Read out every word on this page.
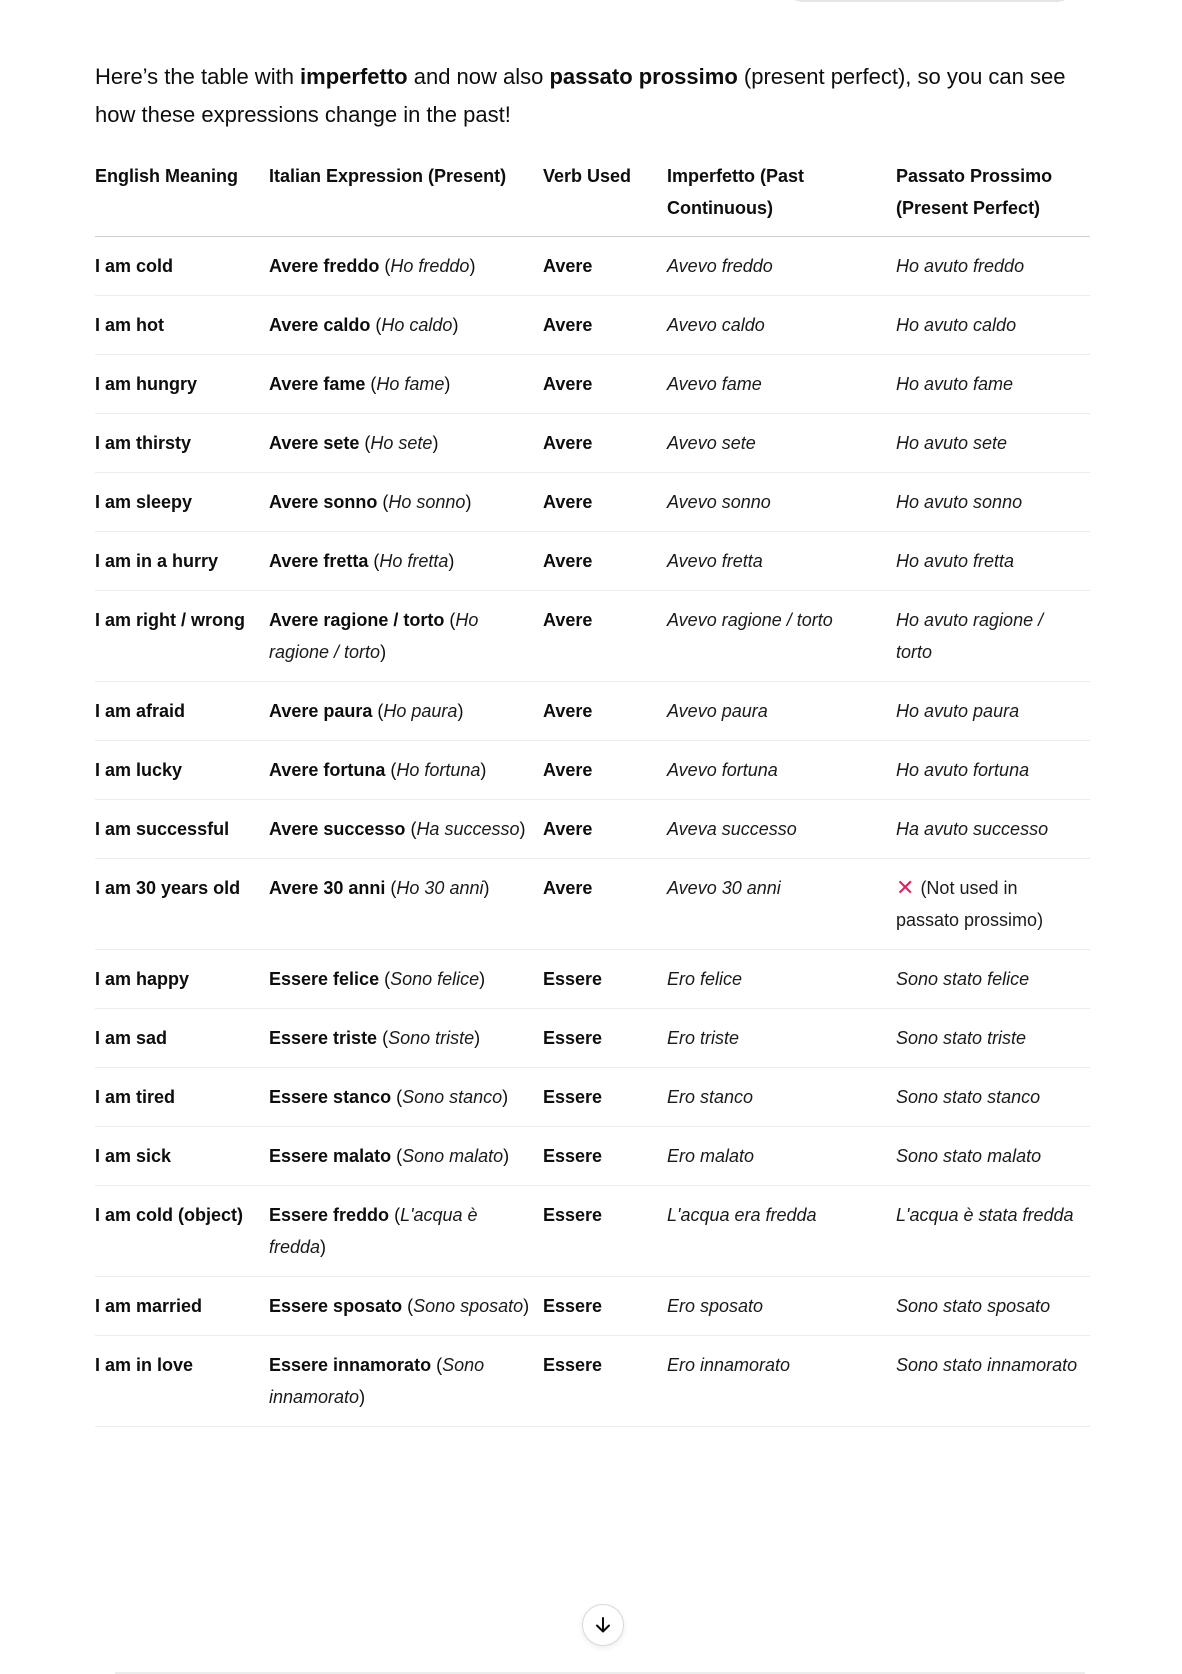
Here’s the table with imperfetto and now also passato prossimo (present perfect), so you can see how these expressions change in the past!

English Meaning	Italian Expression (Present)	Verb Used	Imperfetto (Past Continuous)	Passato Prossimo (Present Perfect)
I am cold	Avere freddo (Ho freddo)	Avere	Avevo freddo	Ho avuto freddo
I am hot	Avere caldo (Ho caldo)	Avere	Avevo caldo	Ho avuto caldo
I am hungry	Avere fame (Ho fame)	Avere	Avevo fame	Ho avuto fame
I am thirsty	Avere sete (Ho sete)	Avere	Avevo sete	Ho avuto sete
I am sleepy	Avere sonno (Ho sonno)	Avere	Avevo sonno	Ho avuto sonno
I am in a hurry	Avere fretta (Ho fretta)	Avere	Avevo fretta	Ho avuto fretta
I am right / wrong	Avere ragione / torto (Ho ragione / torto)	Avere	Avevo ragione / torto	Ho avuto ragione / torto
I am afraid	Avere paura (Ho paura)	Avere	Avevo paura	Ho avuto paura
I am lucky	Avere fortuna (Ho fortuna)	Avere	Avevo fortuna	Ho avuto fortuna
I am successful	Avere successo (Ha successo)	Avere	Aveva successo	Ha avuto successo
I am 30 years old	Avere 30 anni (Ho 30 anni)	Avere	Avevo 30 anni	✕ (Not used in passato prossimo)
I am happy	Essere felice (Sono felice)	Essere	Ero felice	Sono stato felice
I am sad	Essere triste (Sono triste)	Essere	Ero triste	Sono stato triste
I am tired	Essere stanco (Sono stanco)	Essere	Ero stanco	Sono stato stanco
I am sick	Essere malato (Sono malato)	Essere	Ero malato	Sono stato malato
I am cold (object)	Essere freddo (L'acqua è fredda)	Essere	L'acqua era fredda	L'acqua è stata fredda
I am married	Essere sposato (Sono sposato)	Essere	Ero sposato	Sono stato sposato
I am in love	Essere innamorato (Sono innamorato)	Essere	Ero innamorato	Sono stato innamorato
